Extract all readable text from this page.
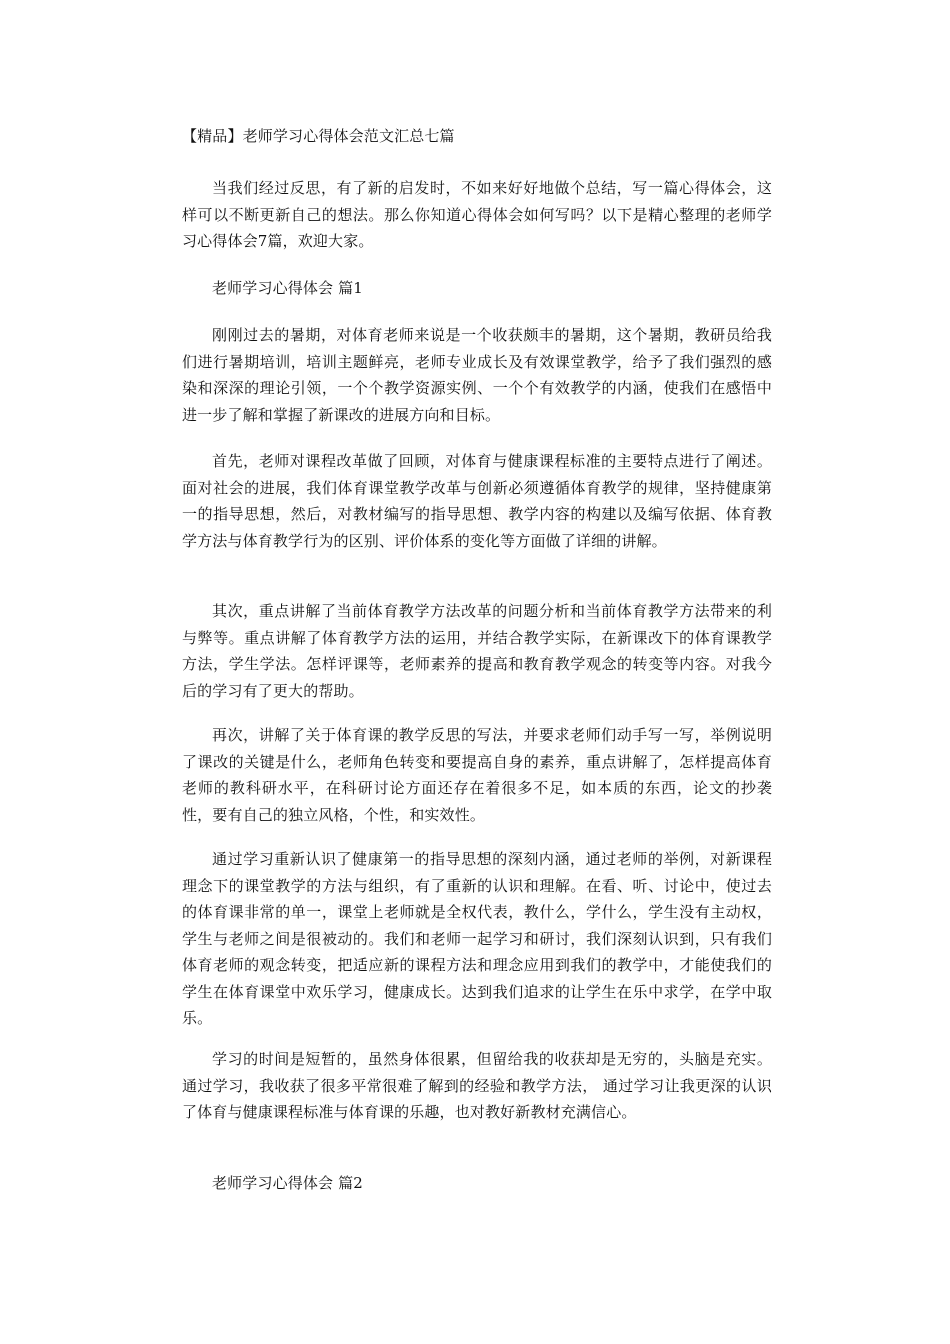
【精品】老师学习心得体会范文汇总七篇

当我们经过反思，有了新的启发时，不如来好好地做个总结，写一篇心得体会，这样可以不断更新自己的想法。那么你知道心得体会如何写吗？以下是精心整理的老师学习心得体会7篇，欢迎大家。

老师学习心得体会 篇1

刚刚过去的暑期，对体育老师来说是一个收获颇丰的暑期，这个暑期，教研员给我们进行暑期培训，培训主题鲜亮，老师专业成长及有效课堂教学，给予了我们强烈的感染和深深的理论引领，一个个教学资源实例、一个个有效教学的内涵，使我们在感悟中进一步了解和掌握了新课改的进展方向和目标。

首先，老师对课程改革做了回顾，对体育与健康课程标准的主要特点进行了阐述。面对社会的进展，我们体育课堂教学改革与创新必须遵循体育教学的规律，坚持健康第一的指导思想，然后，对教材编写的指导思想、教学内容的构建以及编写依据、体育教学方法与体育教学行为的区别、评价体系的变化等方面做了详细的讲解。

其次，重点讲解了当前体育教学方法改革的问题分析和当前体育教学方法带来的利与弊等。重点讲解了体育教学方法的运用，并结合教学实际，在新课改下的体育课教学方法，学生学法。怎样评课等，老师素养的提高和教育教学观念的转变等内容。对我今后的学习有了更大的帮助。

再次，讲解了关于体育课的教学反思的写法，并要求老师们动手写一写，举例说明了课改的关键是什么，老师角色转变和要提高自身的素养，重点讲解了，怎样提高体育老师的教科研水平，在科研讨论方面还存在着很多不足，如本质的东西，论文的抄袭性，要有自己的独立风格，个性，和实效性。

通过学习重新认识了健康第一的指导思想的深刻内涵，通过老师的举例，对新课程理念下的课堂教学的方法与组织，有了重新的认识和理解。在看、听、讨论中，使过去的体育课非常的单一，课堂上老师就是全权代表，教什么，学什么，学生没有主动权，学生与老师之间是很被动的。我们和老师一起学习和研讨，我们深刻认识到，只有我们体育老师的观念转变，把适应新的课程方法和理念应用到我们的教学中，才能使我们的学生在体育课堂中欢乐学习，健康成长。达到我们追求的让学生在乐中求学，在学中取乐。

学习的时间是短暂的，虽然身体很累，但留给我的收获却是无穷的，头脑是充实。通过学习，我收获了很多平常很难了解到的经验和教学方法， 通过学习让我更深的认识了体育与健康课程标准与体育课的乐趣，也对教好新教材充满信心。

老师学习心得体会 篇2
